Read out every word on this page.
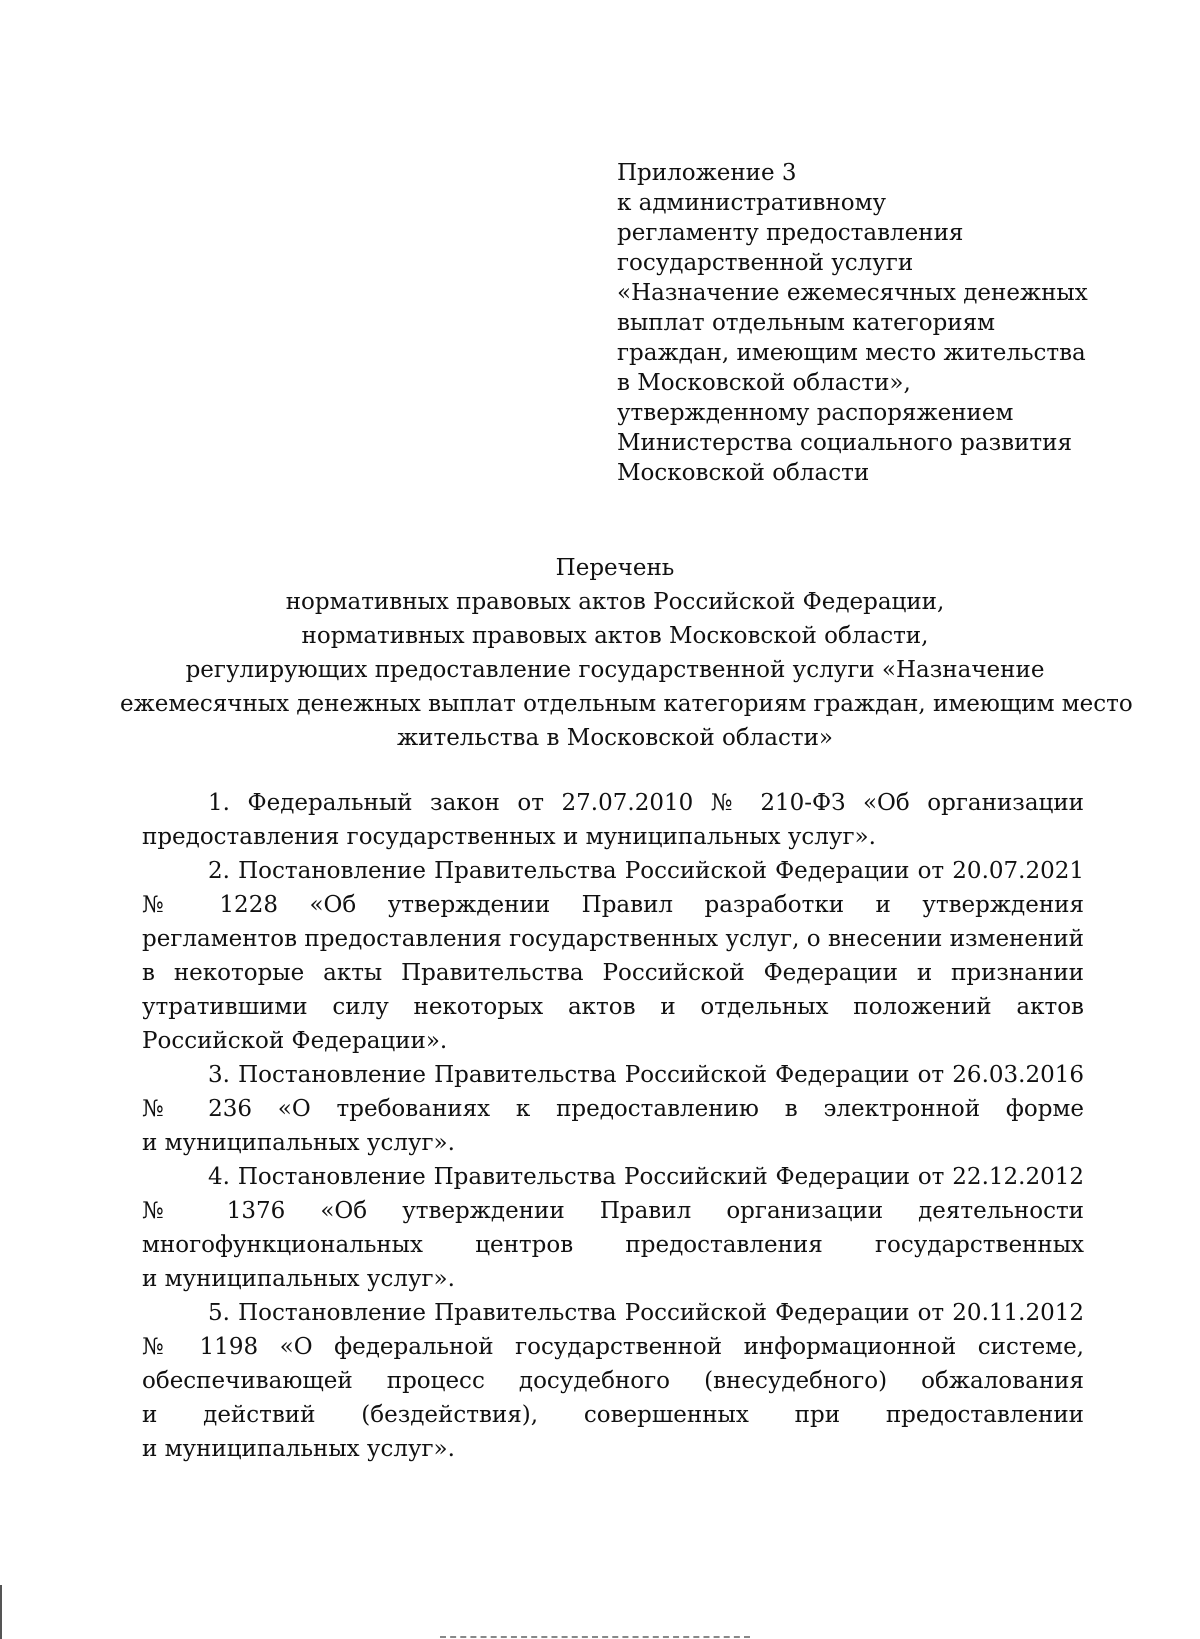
Приложение 3
к административному
регламенту предоставления
государственной услуги
«Назначение ежемесячных денежных
выплат отдельным категориям
граждан, имеющим место жительства
в Московской области»,
утвержденному распоряжением
Министерства социального развития
Московской области
Перечень
нормативных правовых актов Российской Федерации,
нормативных правовых актов Московской области,
регулирующих предоставление государственной услуги «Назначение
ежемесячных денежных выплат отдельным категориям граждан, имеющим место
жительства в Московской области»
1. Федеральный закон от 27.07.2010 № 210-ФЗ «Об организации
предоставления государственных и муниципальных услуг».
2. Постановление Правительства Российской Федерации от 20.07.2021
№ 1228 «Об утверждении Правил разработки и утверждения
регламентов предоставления государственных услуг, о внесении изменений
в некоторые акты Правительства Российской Федерации и признании
утратившими силу некоторых актов и отдельных положений актов
Российской Федерации».
3. Постановление Правительства Российской Федерации от 26.03.2016
№ 236 «О требованиях к предоставлению в электронной форме
и муниципальных услуг».
4. Постановление Правительства Российский Федерации от 22.12.2012
№ 1376 «Об утверждении Правил организации деятельности
многофункциональных центров предоставления государственных
и муниципальных услуг».
5. Постановление Правительства Российской Федерации от 20.11.2012
№ 1198 «О федеральной государственной информационной системе,
обеспечивающей процесс досудебного (внесудебного) обжалования
и действий (бездействия), совершенных при предоставлении
и муниципальных услуг».
